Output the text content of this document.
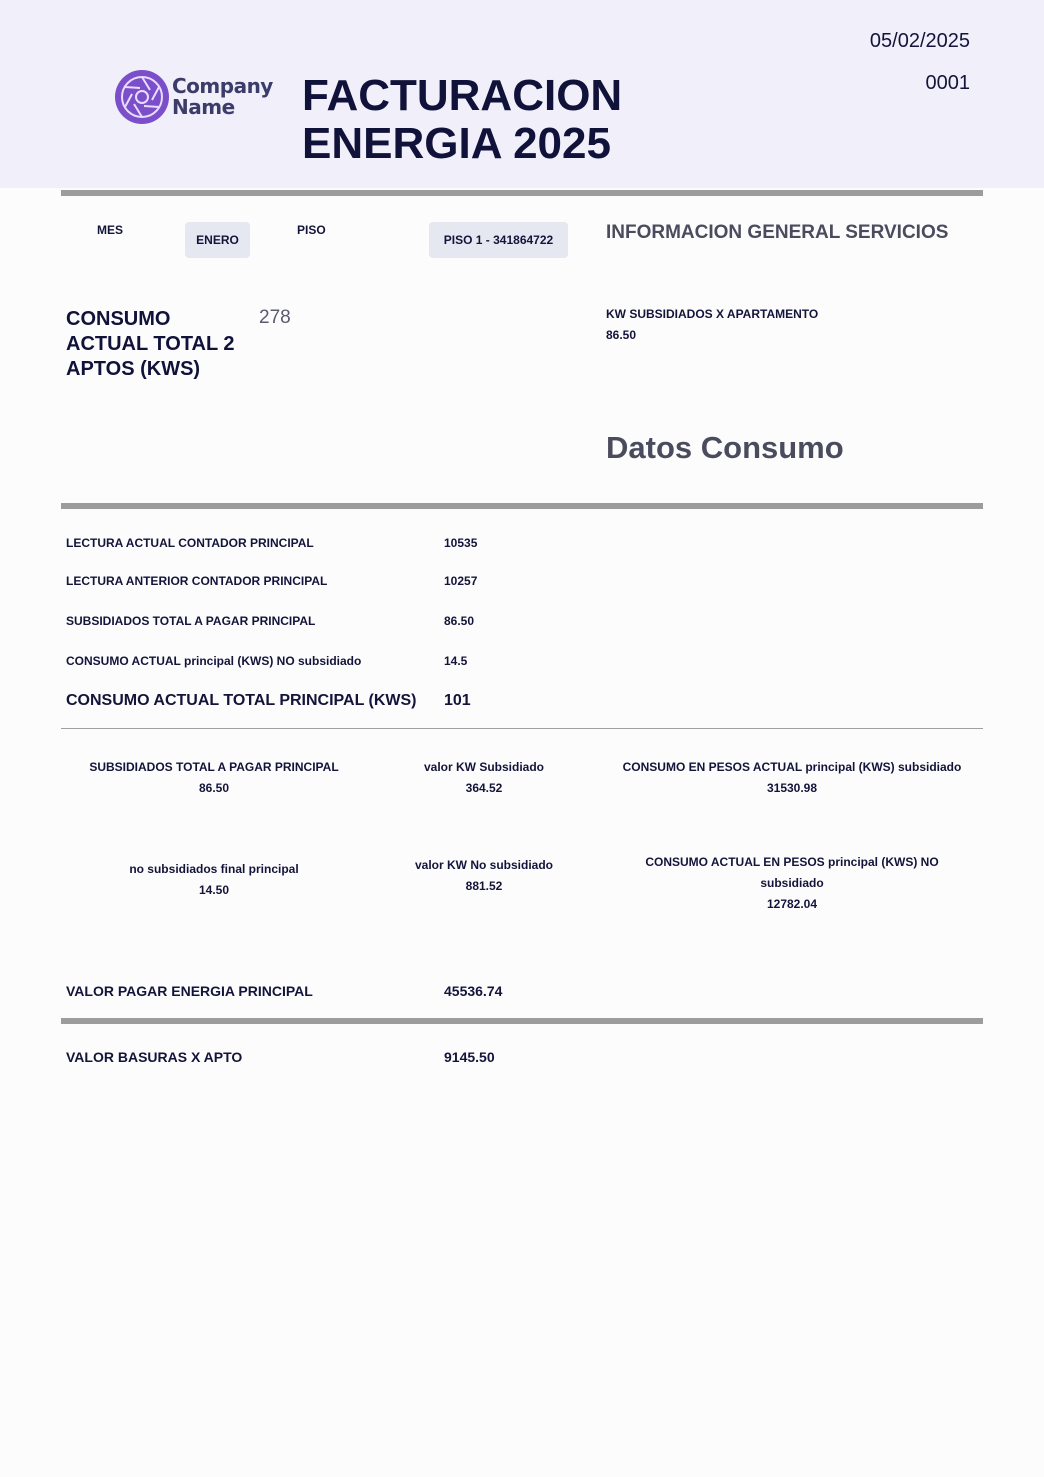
Company
Name	FACTURACION
ENERGIA 2025
05/02/2025
0001
MES
ENERO
PISO
PISO 1 - 341864722	INFORMACION GENERAL SERVICIOS
CONSUMO ACTUAL TOTAL 2 APTOS (KWS)
278	KW SUBSIDIADOS X APARTAMENTO
86.50
Datos Consumo
LECTURA ACTUAL CONTADOR PRINCIPAL	10535
LECTURA ANTERIOR CONTADOR PRINCIPAL	10257
SUBSIDIADOS TOTAL A PAGAR PRINCIPAL	86.50
CONSUMO ACTUAL principal (KWS) NO subsidiado	14.5
CONSUMO ACTUAL TOTAL PRINCIPAL (KWS) 101
SUBSIDIADOS TOTAL A PAGAR PRINCIPAL
86.50
valor KW Subsidiado
364.52
CONSUMO EN PESOS ACTUAL principal (KWS) subsidiado
31530.98
no subsidiados final principal
14.50
valor KW No subsidiado
881.52
CONSUMO ACTUAL EN PESOS principal (KWS) NO subsidiado
12782.04
VALOR PAGAR ENERGIA PRINCIPAL	45536.74
VALOR BASURAS X APTO	9145.50
